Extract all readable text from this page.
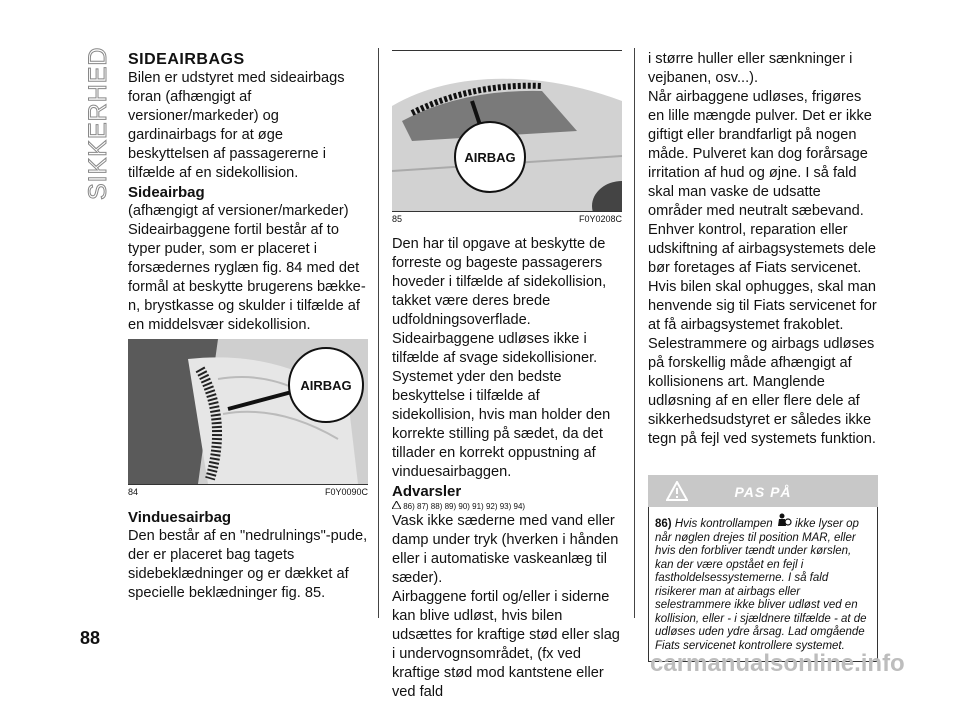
SIKKERHED SIDEAIRBAGS

Bilen er udstyret med sideairbags foran (afhængigt af versioner/markeder) og gardinairbags for at øge beskyttelsen af passagererne i tilfælde af en sidekollision.

Sideairbag

(afhængigt af versioner/markeder)

Sideairbaggene fortil består af to typer puder, som er placeret i forsædernes ryglæn fig. 84 med det formål at beskytte brugerens bækken, brystkasse og skulder i tilfælde af en middelsvær sidekollision.

AIRBAG
84	F0Y0090C

Vinduesairbag

Den består af en "nedrulnings"-pude, der er placeret bag tagets sidebeklædninger og er dækket af specielle beklædninger fig. 85.

AIRBAG
85	F0Y0208C

Den har til opgave at beskytte de forreste og bageste passagerers hoveder i tilfælde af sidekollision, takket være deres brede udfoldningsoverflade.

Sideairbaggene udløses ikke i tilfælde af svage sidekollisioner.

Systemet yder den bedste beskyttelse i tilfælde af sidekollision, hvis man holder den korrekte stilling på sædet, da det tillader en korrekt oppustning af vinduesairbaggen.

Advarsler

86) 87) 88) 89) 90) 91) 92) 93) 94)

Vask ikke sæderne med vand eller damp under tryk (hverken i hånden eller i automatiske vaskeanlæg til sæder).

Airbaggene fortil og/eller i siderne kan blive udløst, hvis bilen udsættes for kraftige stød eller slag i undervognsområdet, (fx ved kraftige stød mod kantstene eller ved fald

i større huller eller sænkninger i vejbanen, osv...).

Når airbaggene udløses, frigøres en lille mængde pulver. Det er ikke giftigt eller brandfarligt på nogen måde. Pulveret kan dog forårsage irritation af hud og øjne. I så fald skal man vaske de udsatte områder med neutralt sæbevand.

Enhver kontrol, reparation eller udskiftning af airbagsystemets dele bør foretages af Fiats servicenet.

Hvis bilen skal ophugges, skal man henvende sig til Fiats servicenet for at få airbagsystemet frakoblet.

Selestrammere og airbags udløses på forskellig måde afhængigt af kollisionens art. Manglende udløsning af en eller flere dele af sikkerhedsudstyret er således ikke tegn på fejl ved systemets funktion.

PAS PÅ
86) Hvis kontrollampen ikke lyser op når nøglen drejes til position MAR, eller hvis den forbliver tændt under kørslen, kan der være opstået en fejl i fastholdelsessystemerne. I så fald risikerer man at airbags eller selestrammere ikke bliver udløst ved en kollision, eller - i sjældnere tilfælde - at de udløses uden ydre årsag. Lad omgående Fiats servicenet kontrollere systemet.
88
carmanualsonline.info
